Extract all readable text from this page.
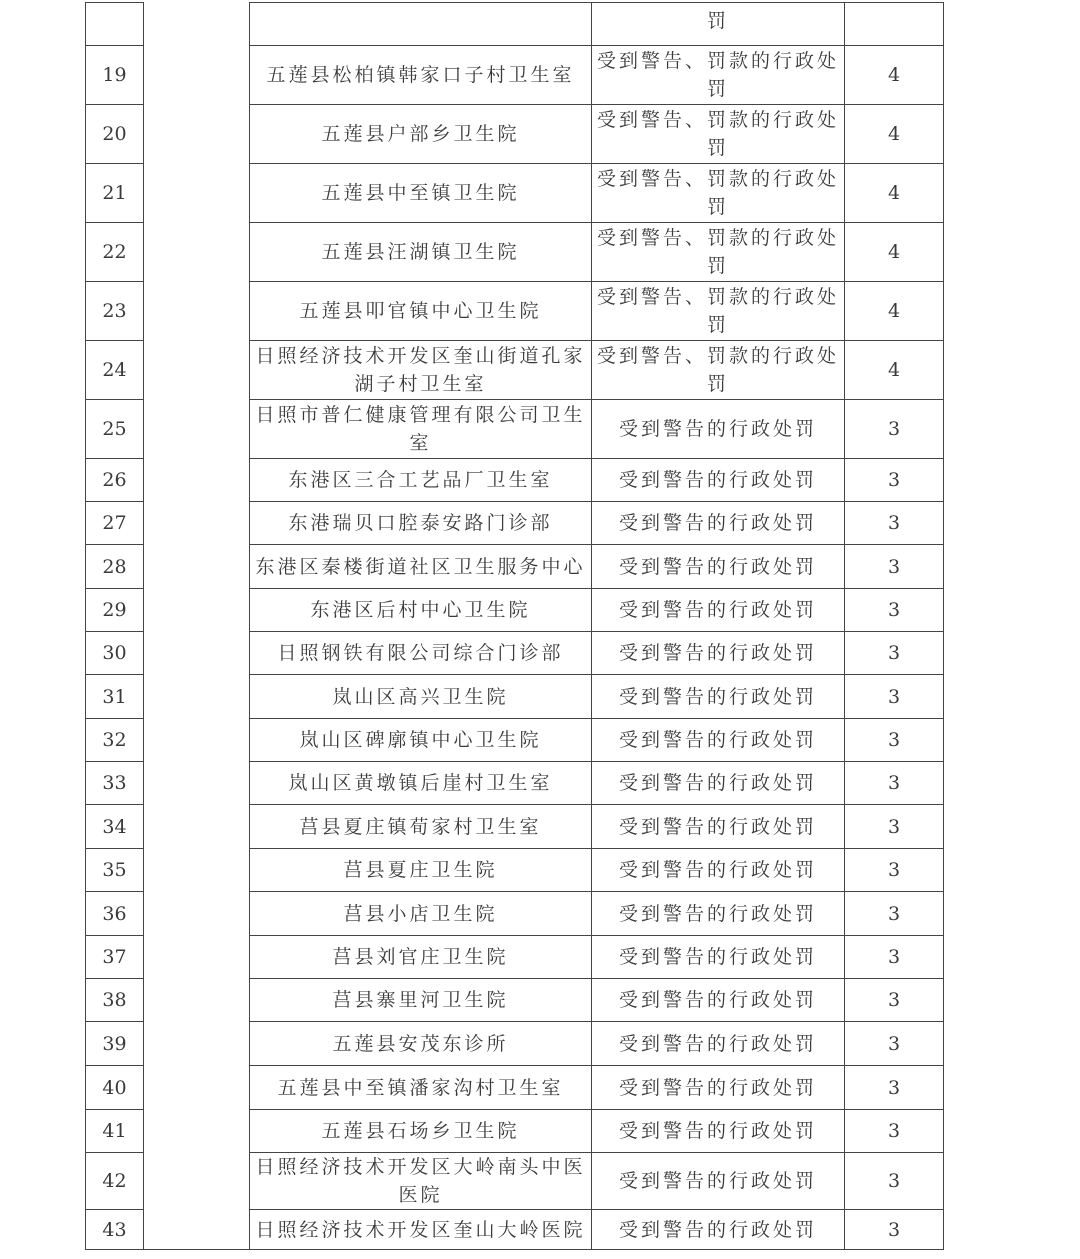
			罚	
19		五莲县松柏镇韩家口子村卫生室	受到警告、罚款的行政处罚	4
20		五莲县户部乡卫生院	受到警告、罚款的行政处罚	4
21		五莲县中至镇卫生院	受到警告、罚款的行政处罚	4
22		五莲县汪湖镇卫生院	受到警告、罚款的行政处罚	4
23		五莲县叩官镇中心卫生院	受到警告、罚款的行政处罚	4
24		日照经济技术开发区奎山街道孔家湖子村卫生室	受到警告、罚款的行政处罚	4
25		日照市普仁健康管理有限公司卫生室	受到警告的行政处罚	3
26		东港区三合工艺品厂卫生室	受到警告的行政处罚	3
27		东港瑞贝口腔泰安路门诊部	受到警告的行政处罚	3
28		东港区秦楼街道社区卫生服务中心	受到警告的行政处罚	3
29		东港区后村中心卫生院	受到警告的行政处罚	3
30		日照钢铁有限公司综合门诊部	受到警告的行政处罚	3
31		岚山区高兴卫生院	受到警告的行政处罚	3
32		岚山区碑廓镇中心卫生院	受到警告的行政处罚	3
33		岚山区黄墩镇后崖村卫生室	受到警告的行政处罚	3
34		莒县夏庄镇荀家村卫生室	受到警告的行政处罚	3
35		莒县夏庄卫生院	受到警告的行政处罚	3
36		莒县小店卫生院	受到警告的行政处罚	3
37		莒县刘官庄卫生院	受到警告的行政处罚	3
38		莒县寨里河卫生院	受到警告的行政处罚	3
39		五莲县安茂东诊所	受到警告的行政处罚	3
40		五莲县中至镇潘家沟村卫生室	受到警告的行政处罚	3
41		五莲县石场乡卫生院	受到警告的行政处罚	3
42		日照经济技术开发区大岭南头中医医院	受到警告的行政处罚	3
43		日照经济技术开发区奎山大岭医院	受到警告的行政处罚	3
